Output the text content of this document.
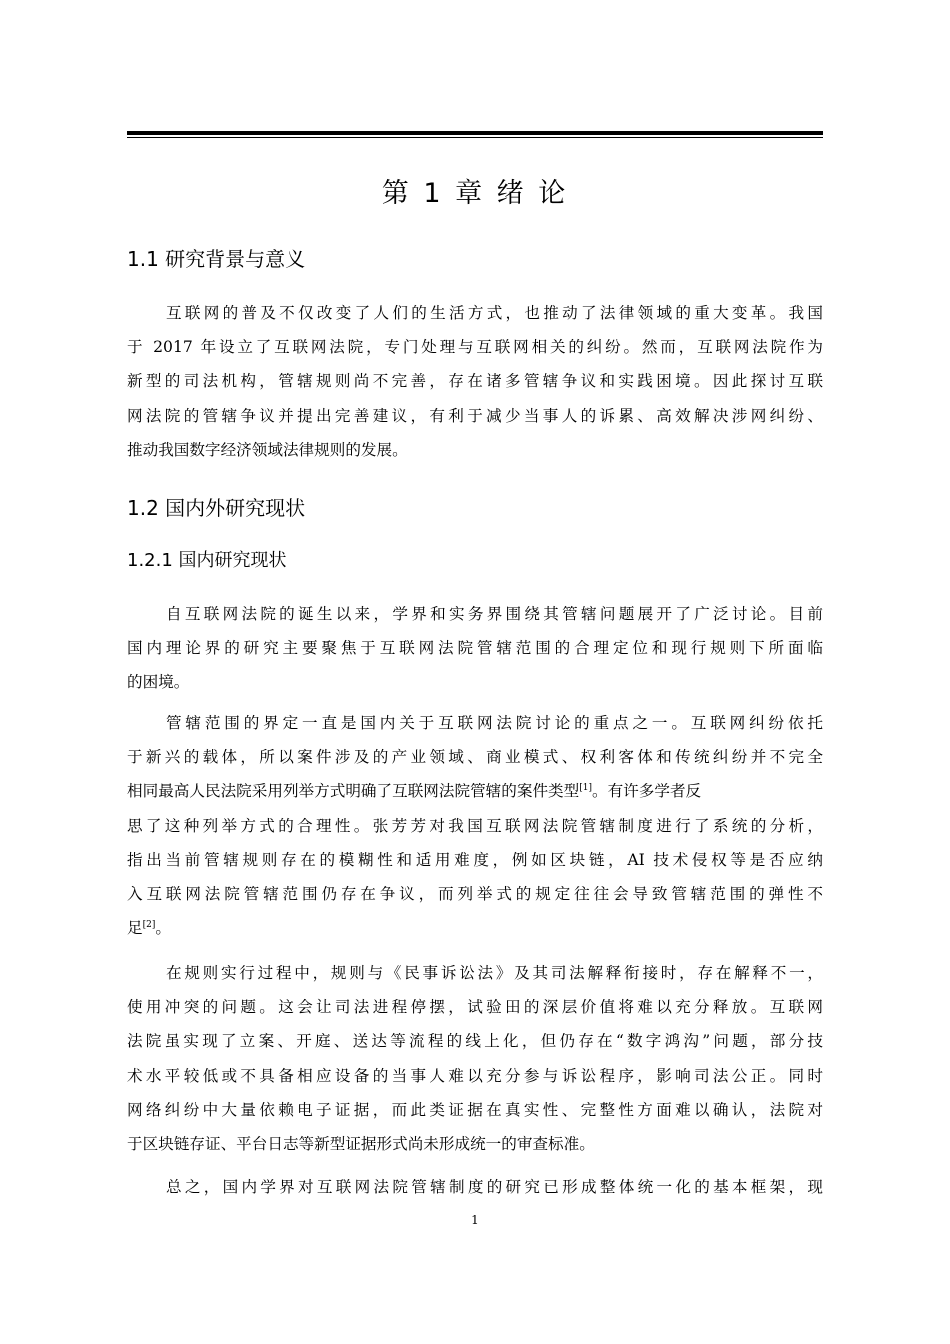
第 1 章 绪 论
1.1 研究背景与意义
互联网的普及不仅改变了人们的生活方式，也推动了法律领域的重大变革。我国
于 2017 年设立了互联网法院，专门处理与互联网相关的纠纷。然而，互联网法院作为
新型的司法机构，管辖规则尚不完善，存在诸多管辖争议和实践困境。因此探讨互联
网法院的管辖争议并提出完善建议，有利于减少当事人的诉累、高效解决涉网纠纷、
推动我国数字经济领域法律规则的发展。
1.2 国内外研究现状
1.2.1 国内研究现状
自互联网法院的诞生以来，学界和实务界围绕其管辖问题展开了广泛讨论。目前
国内理论界的研究主要聚焦于互联网法院管辖范围的合理定位和现行规则下所面临
的困境。
管辖范围的界定一直是国内关于互联网法院讨论的重点之一。互联网纠纷依托
于新兴的载体，所以案件涉及的产业领域、商业模式、权利客体和传统纠纷并不完全
相同最高人民法院采用列举方式明确了互联网法院管辖的案件类型[1]。有许多学者反
思了这种列举方式的合理性。张芳芳对我国互联网法院管辖制度进行了系统的分析，
指出当前管辖规则存在的模糊性和适用难度，例如区块链，AI 技术侵权等是否应纳
入互联网法院管辖范围仍存在争议，而列举式的规定往往会导致管辖范围的弹性不
足[2]。
在规则实行过程中，规则与《民事诉讼法》及其司法解释衔接时，存在解释不一，
使用冲突的问题。这会让司法进程停摆，试验田的深层价值将难以充分释放。互联网
法院虽实现了立案、开庭、送达等流程的线上化，但仍存在“数字鸿沟”问题，部分技
术水平较低或不具备相应设备的当事人难以充分参与诉讼程序，影响司法公正。同时
网络纠纷中大量依赖电子证据，而此类证据在真实性、完整性方面难以确认，法院对
于区块链存证、平台日志等新型证据形式尚未形成统一的审查标准。
总之，国内学界对互联网法院管辖制度的研究已形成整体统一化的基本框架，现
1
